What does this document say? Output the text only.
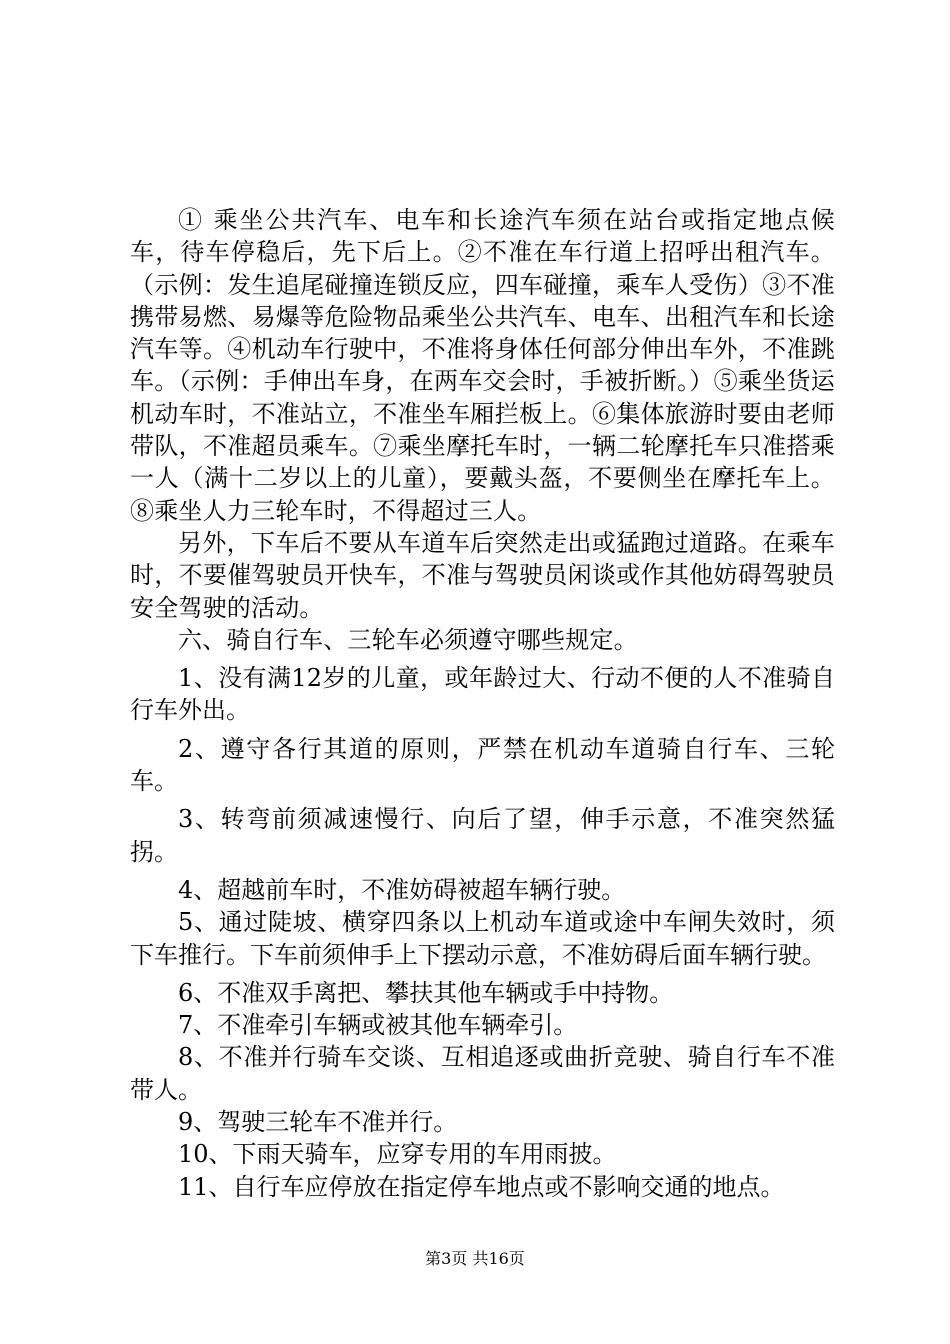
① 乘坐公共汽车、电车和长途汽车须在站台或指定地点候车，待车停稳后，先下后上。②不准在车行道上招呼出租汽车。（示例：发生追尾碰撞连锁反应，四车碰撞，乘车人受伤）③不准携带易燃、易爆等危险物品乘坐公共汽车、电车、出租汽车和长途汽车等。④机动车行驶中，不准将身体任何部分伸出车外，不准跳车。（示例：手伸出车身，在两车交会时，手被折断。）⑤乘坐货运机动车时，不准站立，不准坐车厢拦板上。⑥集体旅游时要由老师带队，不准超员乘车。⑦乘坐摩托车时，一辆二轮摩托车只准搭乘一人（满十二岁以上的儿童），要戴头盔，不要侧坐在摩托车上。⑧乘坐人力三轮车时，不得超过三人。

另外，下车后不要从车道车后突然走出或猛跑过道路。在乘车时，不要催驾驶员开快车，不准与驾驶员闲谈或作其他妨碍驾驶员安全驾驶的活动。

六、骑自行车、三轮车必须遵守哪些规定。

1、没有满12岁的儿童，或年龄过大、行动不便的人不准骑自行车外出。

2、遵守各行其道的原则，严禁在机动车道骑自行车、三轮车。

3、转弯前须减速慢行、向后了望，伸手示意，不准突然猛拐。

4、超越前车时，不准妨碍被超车辆行驶。

5、通过陡坡、横穿四条以上机动车道或途中车闸失效时，须下车推行。下车前须伸手上下摆动示意，不准妨碍后面车辆行驶。

6、不准双手离把、攀扶其他车辆或手中持物。

7、不准牵引车辆或被其他车辆牵引。

8、不准并行骑车交谈、互相追逐或曲折竞驶、骑自行车不准带人。

9、驾驶三轮车不准并行。

10、下雨天骑车，应穿专用的车用雨披。

11、自行车应停放在指定停车地点或不影响交通的地点。

第3页 共16页
